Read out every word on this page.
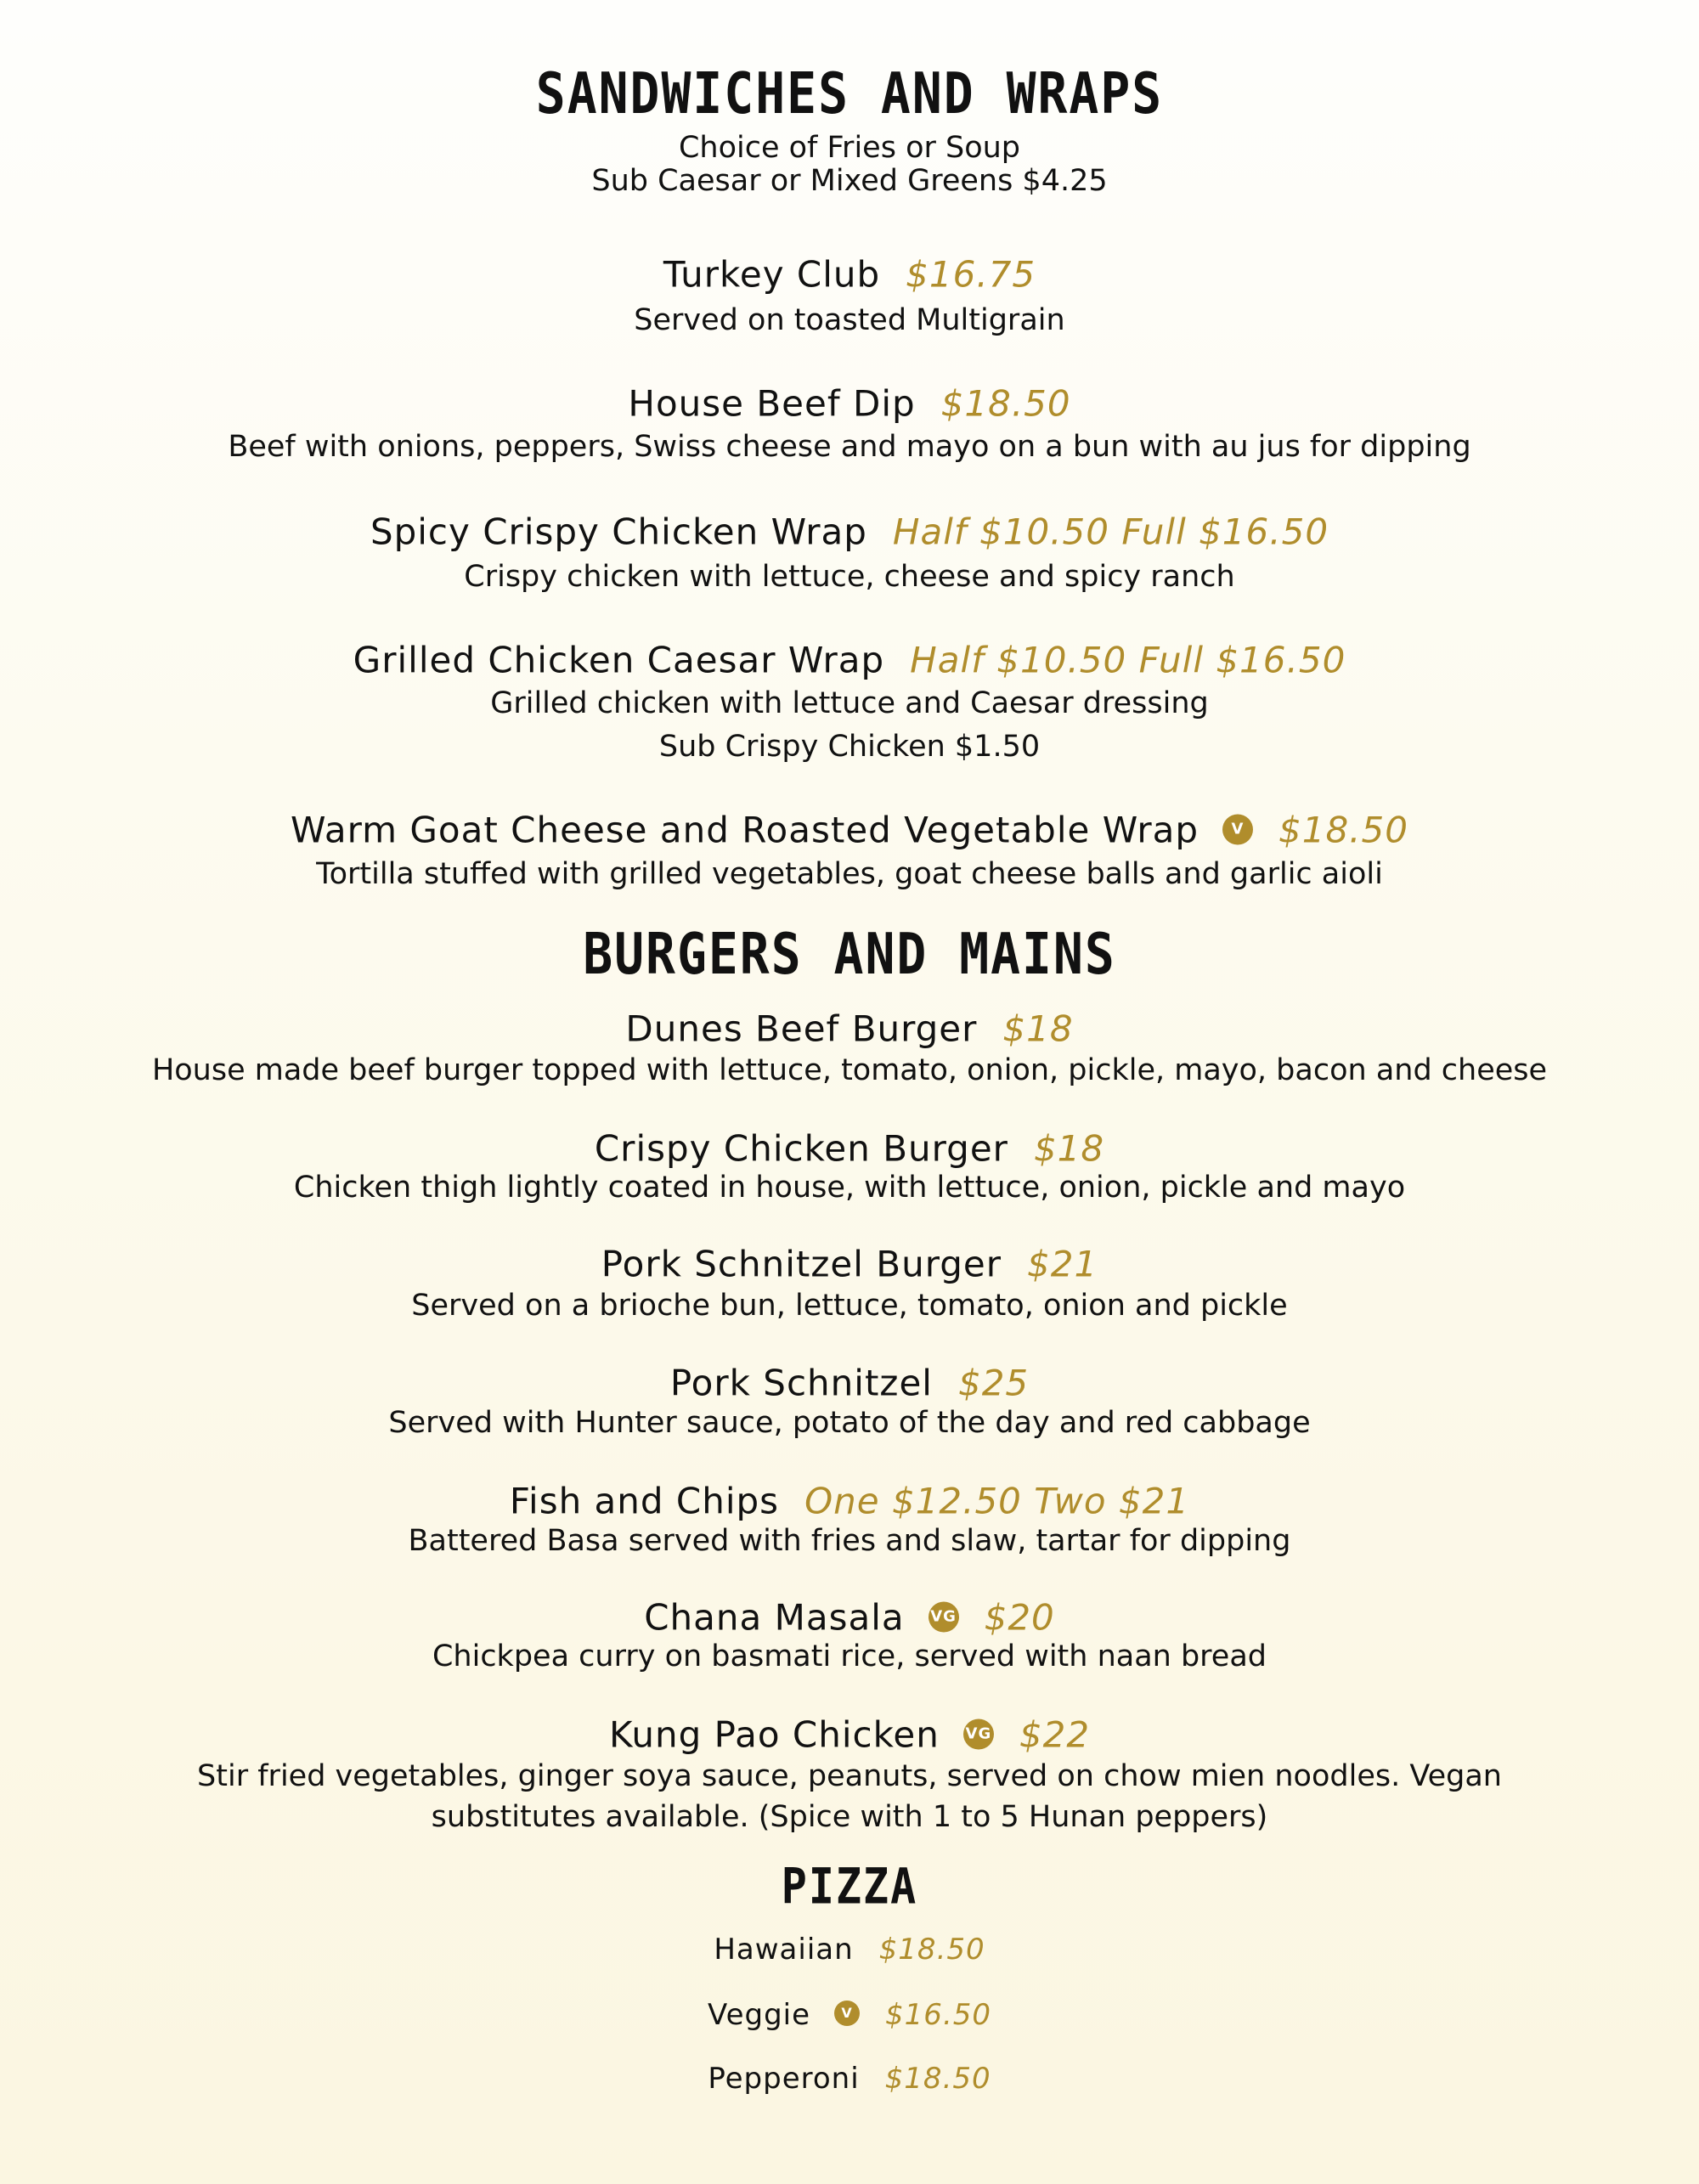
SANDWICHES AND WRAPS
Choice of Fries or Soup
Sub Caesar or Mixed Greens $4.25
Turkey Club $16.75
Served on toasted Multigrain
House Beef Dip $18.50
Beef with onions, peppers, Swiss cheese and mayo on a bun with au jus for dipping
Spicy Crispy Chicken Wrap Half $10.50 Full $16.50
Crispy chicken with lettuce, cheese and spicy ranch
Grilled Chicken Caesar Wrap Half $10.50 Full $16.50
Grilled chicken with lettuce and Caesar dressing
Sub Crispy Chicken $1.50
Warm Goat Cheese and Roasted Vegetable Wrap V $18.50
Tortilla stuffed with grilled vegetables, goat cheese balls and garlic aioli
BURGERS AND MAINS
Dunes Beef Burger $18
House made beef burger topped with lettuce, tomato, onion, pickle, mayo, bacon and cheese
Crispy Chicken Burger $18
Chicken thigh lightly coated in house, with lettuce, onion, pickle and mayo
Pork Schnitzel Burger $21
Served on a brioche bun, lettuce, tomato, onion and pickle
Pork Schnitzel $25
Served with Hunter sauce, potato of the day and red cabbage
Fish and Chips One $12.50 Two $21
Battered Basa served with fries and slaw, tartar for dipping
Chana Masala VG $20
Chickpea curry on basmati rice, served with naan bread
Kung Pao Chicken VG $22
Stir fried vegetables, ginger soya sauce, peanuts, served on chow mien noodles. Vegan
substitutes available. (Spice with 1 to 5 Hunan peppers)
PIZZA
Hawaiian $18.50
Veggie V $16.50
Pepperoni $18.50
